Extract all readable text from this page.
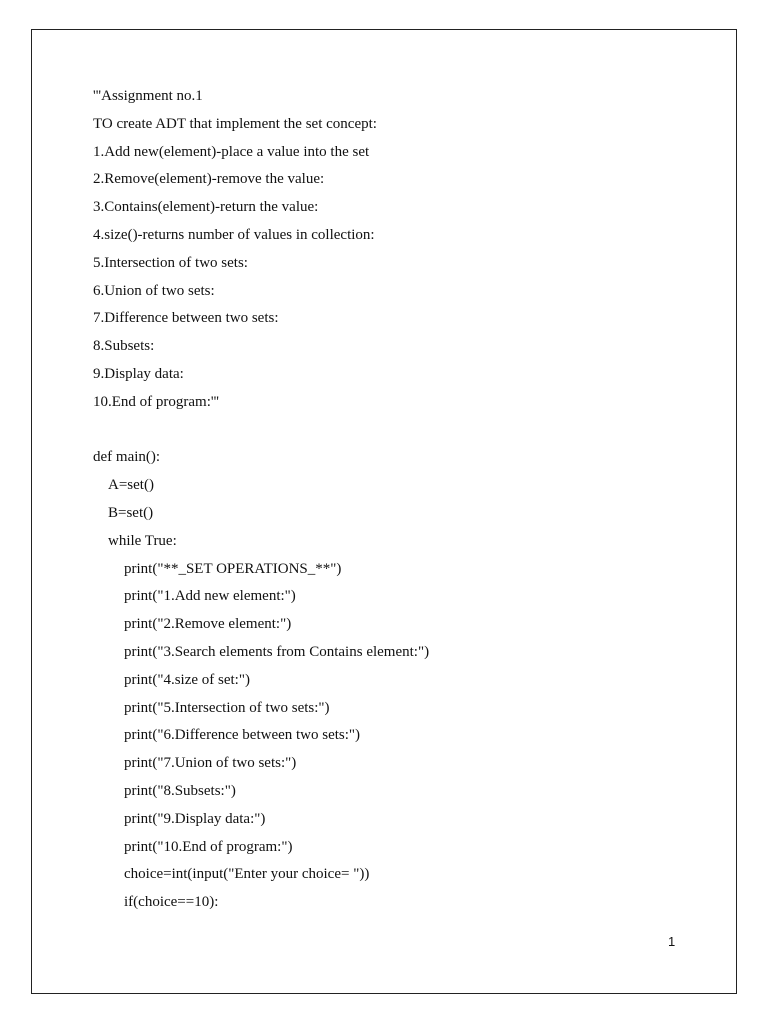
'''Assignment no.1
TO create ADT that implement the set concept:
1.Add new(element)-place a value into the set
2.Remove(element)-remove the value:
3.Contains(element)-return the value:
4.size()-returns number of values in collection:
5.Intersection of two sets:
6.Union of two sets:
7.Difference between two sets:
8.Subsets:
9.Display data:
10.End of program:'''
def main():
A=set()
B=set()
while True:
print("**_SET OPERATIONS_**")
print("1.Add new element:")
print("2.Remove element:")
print("3.Search elements from Contains element:")
print("4.size of set:")
print("5.Intersection of two sets:")
print("6.Difference between two sets:")
print("7.Union of two sets:")
print("8.Subsets:")
print("9.Display data:")
print("10.End of program:")
choice=int(input("Enter your choice= "))
if(choice==10):
1
